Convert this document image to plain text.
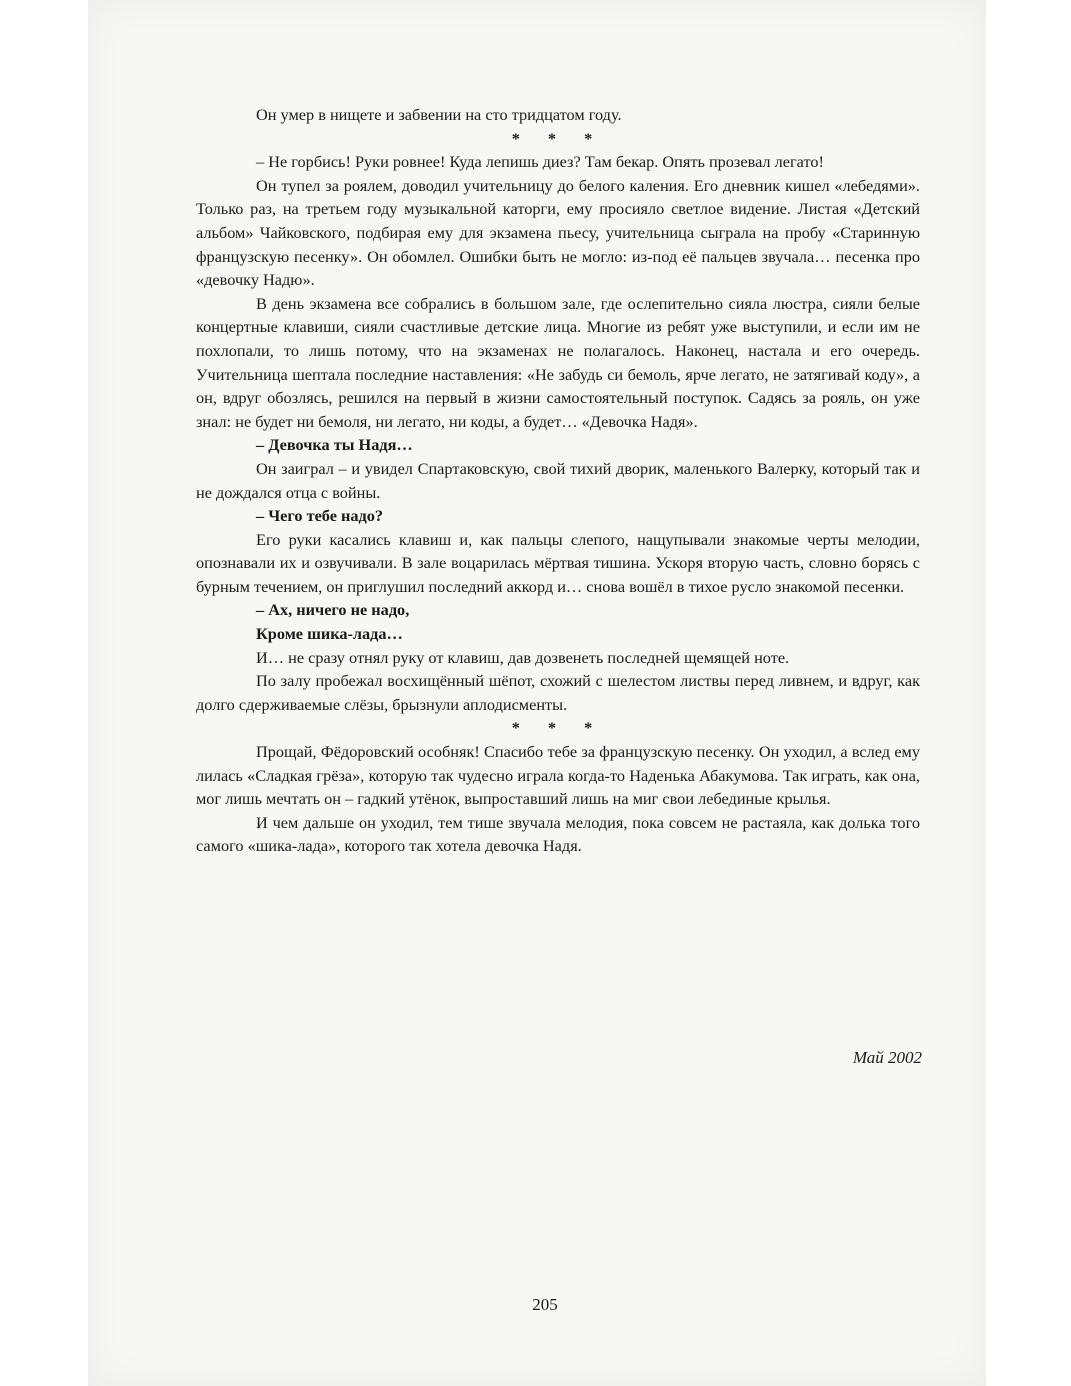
Он умер в нищете и забвении на сто тридцатом году.

* * *

– Не горбись! Руки ровнее! Куда лепишь диез? Там бекар. Опять прозевал легато!

Он тупел за роялем, доводил учительницу до белого каления. Его дневник кишел «лебедями». Только раз, на третьем году музыкальной каторги, ему просияло светлое видение. Листая «Детский альбом» Чайковского, подбирая ему для экзамена пьесу, учительница сыграла на пробу «Старинную французскую песенку». Он обомлел. Ошибки быть не могло: из-под её пальцев звучала… песенка про «девочку Надю».

В день экзамена все собрались в большом зале, где ослепительно сияла люстра, сияли белые концертные клавиши, сияли счастливые детские лица. Многие из ребят уже выступили, и если им не похлопали, то лишь потому, что на экзаменах не полагалось. Наконец, настала и его очередь. Учительница шептала последние наставления: «Не забудь си бемоль, ярче легато, не затягивай коду», а он, вдруг обозлясь, решился на первый в жизни самостоятельный поступок. Садясь за рояль, он уже знал: не будет ни бемоля, ни легато, ни коды, а будет… «Девочка Надя».

– Девочка ты Надя…

Он заиграл – и увидел Спартаковскую, свой тихий дворик, маленького Валерку, который так и не дождался отца с войны.

– Чего тебе надо?

Его руки касались клавиш и, как пальцы слепого, нащупывали знакомые черты мелодии, опознавали их и озвучивали. В зале воцарилась мёртвая тишина. Ускоря вторую часть, словно борясь с бурным течением, он приглушил последний аккорд и… снова вошёл в тихое русло знакомой песенки.

– Ах, ничего не надо,

Кроме шика-лада…

И… не сразу отнял руку от клавиш, дав дозвенеть последней щемящей ноте.

По залу пробежал восхищённый шёпот, схожий с шелестом листвы перед ливнем, и вдруг, как долго сдерживаемые слёзы, брызнули аплодисменты.

* * *

Прощай, Фёдоровский особняк! Спасибо тебе за французскую песенку. Он уходил, а вслед ему лилась «Сладкая грёза», которую так чудесно играла когда-то Наденька Абакумова. Так играть, как она, мог лишь мечтать он – гадкий утёнок, выпроставший лишь на миг свои лебединые крылья.

И чем дальше он уходил, тем тише звучала мелодия, пока совсем не растаяла, как долька того самого «шика-лада», которого так хотела девочка Надя.

Май 2002
205
